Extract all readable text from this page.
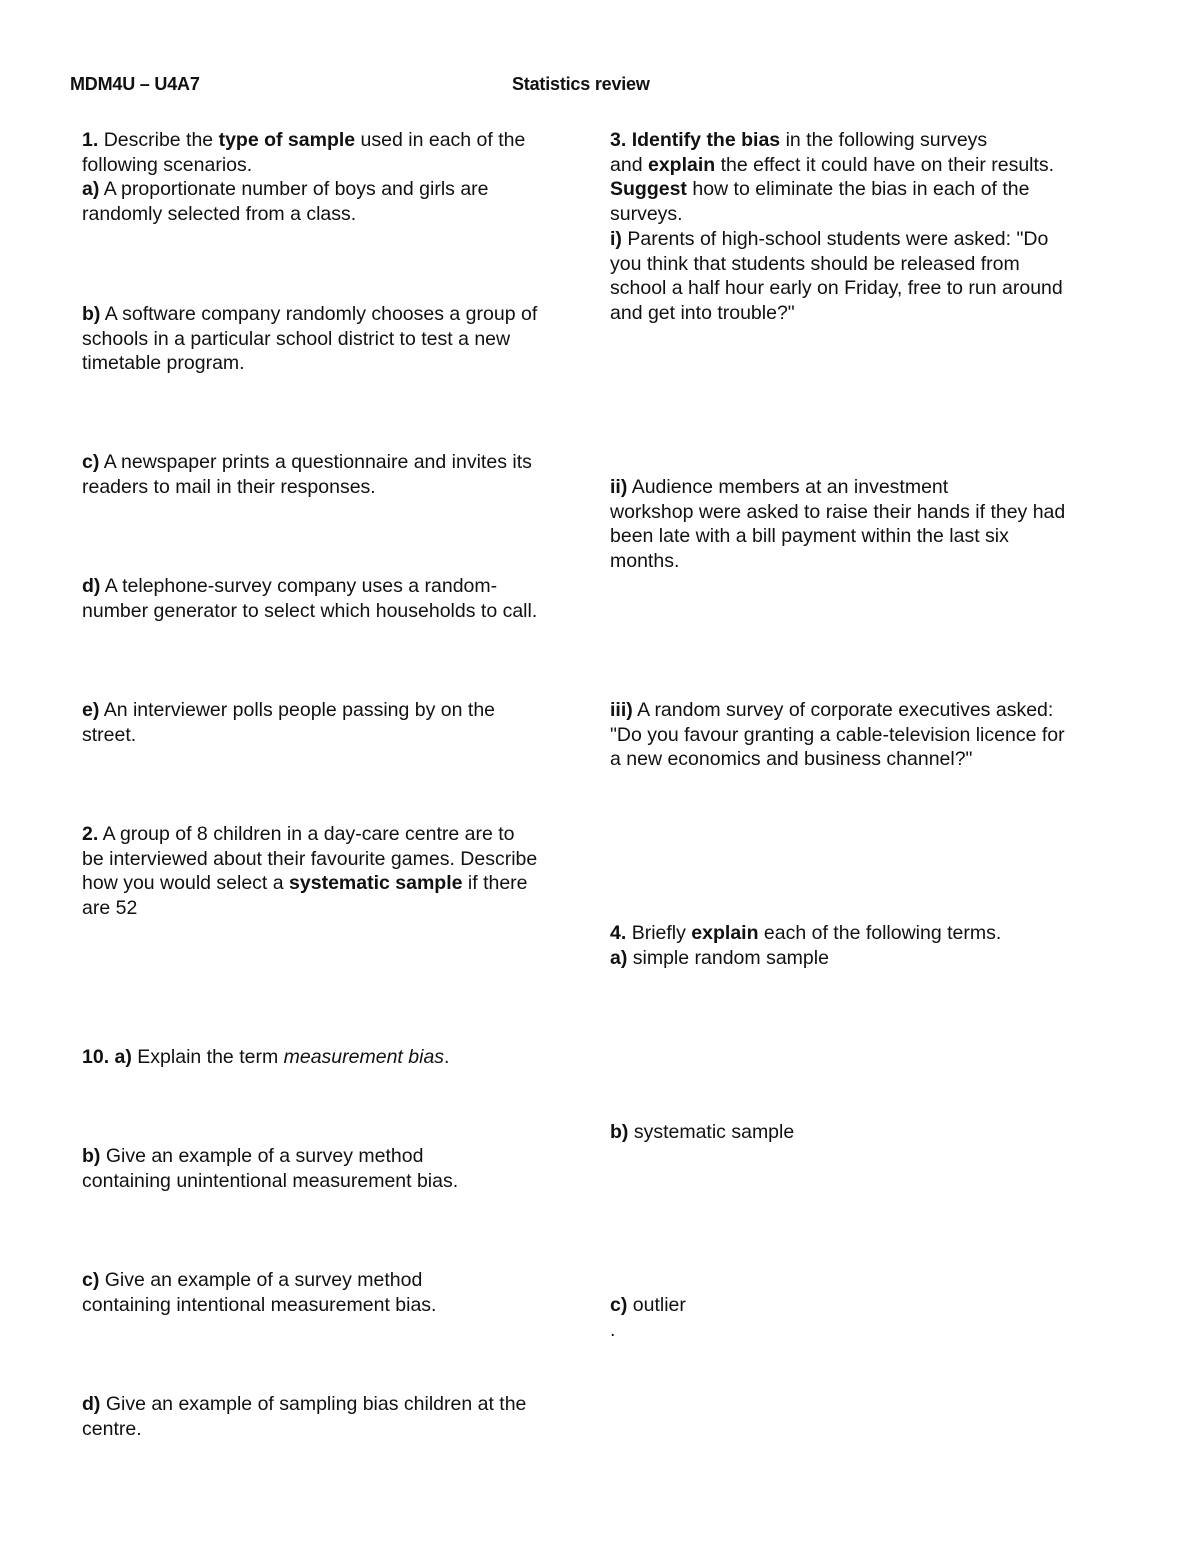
MDM4U – U4A7	Statistics review
1. Describe the type of sample used in each of the
following scenarios.
a) A proportionate number of boys and girls are
randomly selected from a class.
b) A software company randomly chooses a group of
schools in a particular school district to test a new
timetable program.
c) A newspaper prints a questionnaire and invites its
readers to mail in their responses.
d) A telephone-survey company uses a random-
number generator to select which households to call.
e) An interviewer polls people passing by on the
street.
2. A group of 8 children in a day-care centre are to
be interviewed about their favourite games. Describe
how you would select a systematic sample if there
are 52
10. a) Explain the term measurement bias.
b) Give an example of a survey method
containing unintentional measurement bias.
c) Give an example of a survey method
containing intentional measurement bias.
d) Give an example of sampling bias children at the
centre.
3. Identify the bias in the following surveys
and explain the effect it could have on their results.
Suggest how to eliminate the bias in each of the
surveys.
i) Parents of high-school students were asked: "Do
you think that students should be released from
school a half hour early on Friday, free to run around
and get into trouble?"
ii) Audience members at an investment
workshop were asked to raise their hands if they had
been late with a bill payment within the last six
months.
iii) A random survey of corporate executives asked:
"Do you favour granting a cable-television licence for
a new economics and business channel?"
4. Briefly explain each of the following terms.
a) simple random sample
b) systematic sample
c) outlier
.
